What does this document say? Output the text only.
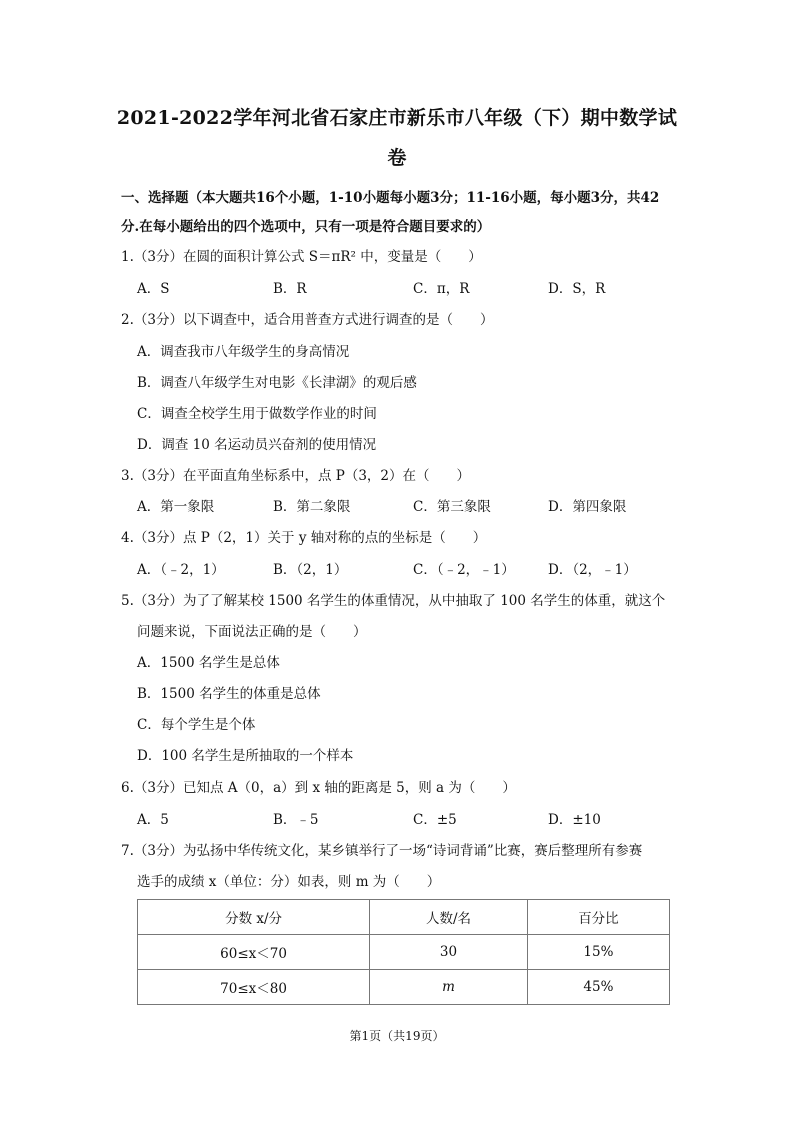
2021-2022学年河北省石家庄市新乐市八年级（下）期中数学试
卷
一、选择题（本大题共16个小题，1-10小题每小题3分；11-16小题，每小题3分，共42
分.在每小题给出的四个选项中，只有一项是符合题目要求的）
1.（3分）在圆的面积计算公式 S＝πR² 中，变量是（　　）
A．S	B．R	C．π，R	D．S，R
2.（3分）以下调查中，适合用普查方式进行调查的是（　　）
A．调查我市八年级学生的身高情况
B．调查八年级学生对电影《长津湖》的观后感
C．调查全校学生用于做数学作业的时间
D．调查 10 名运动员兴奋剂的使用情况
3.（3分）在平面直角坐标系中，点 P（3，2）在（　　）
A．第一象限	B．第二象限	C．第三象限	D．第四象限
4.（3分）点 P（2，1）关于 y 轴对称的点的坐标是（　　）
A．（﹣2，1）	B．（2，1）	C．（﹣2，﹣1） D．（2，﹣1）
5.（3分）为了了解某校 1500 名学生的体重情况，从中抽取了 100 名学生的体重，就这个
问题来说，下面说法正确的是（　　）
A．1500 名学生是总体
B．1500 名学生的体重是总体
C．每个学生是个体
D．100 名学生是所抽取的一个样本
6.（3分）已知点 A（0，a）到 x 轴的距离是 5，则 a 为（　　）
A．5	B．﹣5	C．±5	D．±10
7.（3分）为弘扬中华传统文化，某乡镇举行了一场“诗词背诵”比赛，赛后整理所有参赛
选手的成绩 x（单位：分）如表，则 m 为（　　）
分数 x/分	人数/名	百分比
60≤x＜70	30	15%
70≤x＜80	m	45%
第1页（共19页）
